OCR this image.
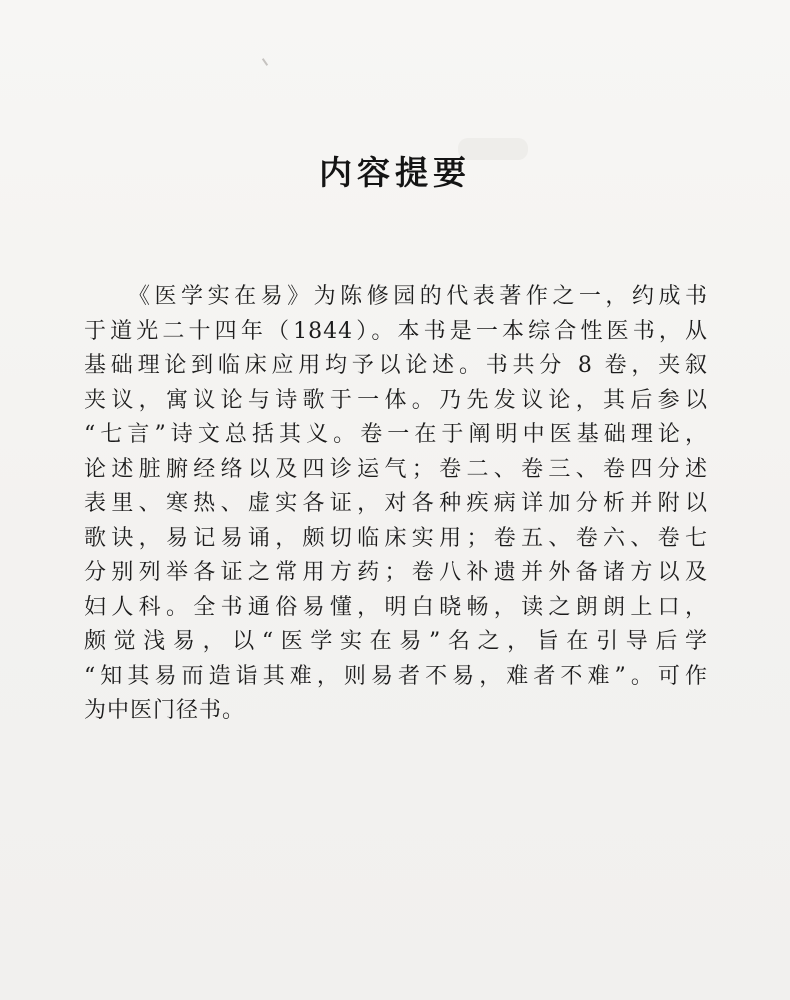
内容提要
《医学实在易》为陈修园的代表著作之一，约成书
于道光二十四年（1844）。本书是一本综合性医书，从
基础理论到临床应用均予以论述。书共分 8 卷，夹叙
夹议，寓议论与诗歌于一体。乃先发议论，其后参以
“七言”诗文总括其义。卷一在于阐明中医基础理论，
论述脏腑经络以及四诊运气；卷二、卷三、卷四分述
表里、寒热、虚实各证，对各种疾病详加分析并附以
歌诀，易记易诵，颇切临床实用；卷五、卷六、卷七
分别列举各证之常用方药；卷八补遗并外备诸方以及
妇人科。全书通俗易懂，明白晓畅，读之朗朗上口，
颇觉浅易，以“医学实在易”名之，旨在引导后学
“知其易而造诣其难，则易者不易，难者不难”。可作
为中医门径书。
